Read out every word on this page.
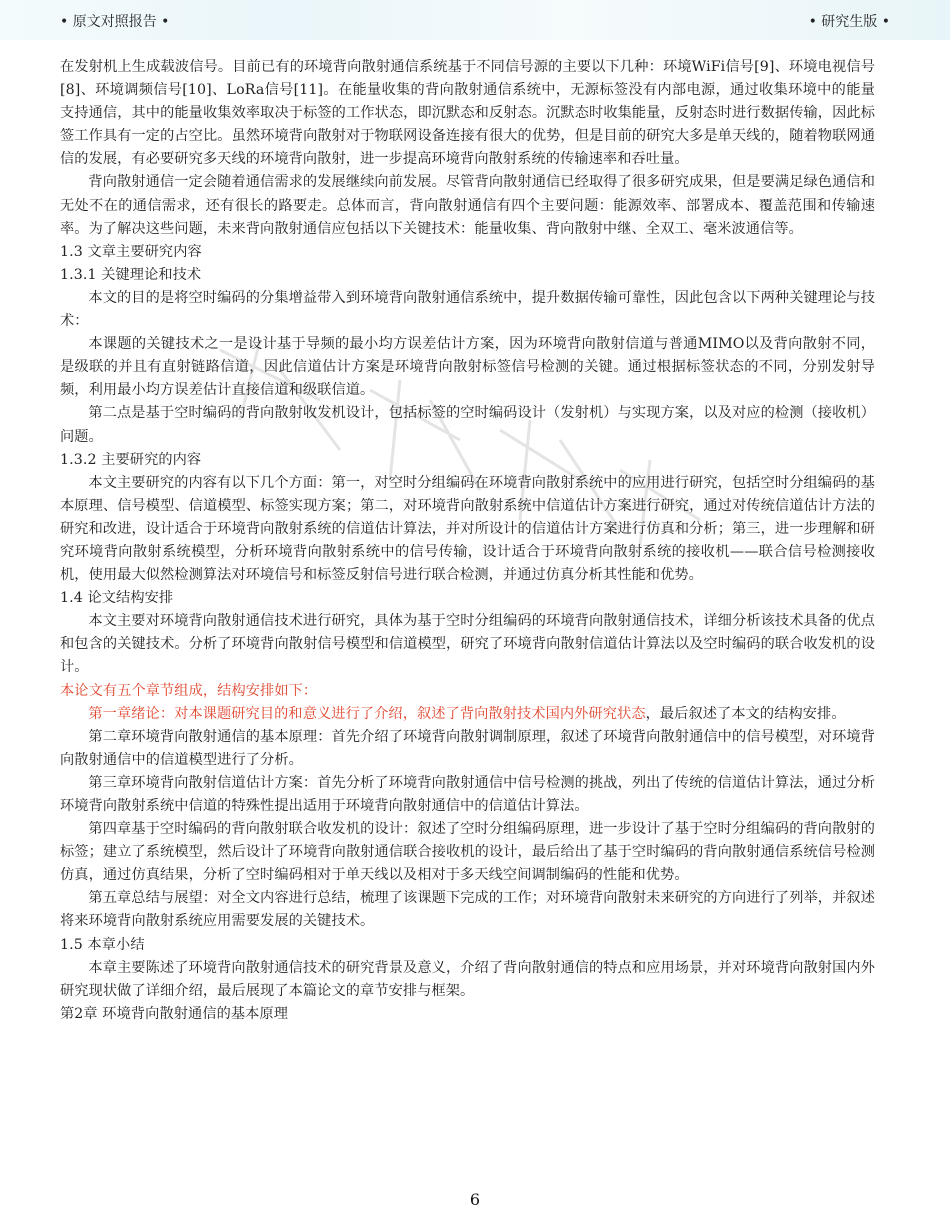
• 原文对照报告 •	• 研究生版 •

在发射机上生成载波信号。目前已有的环境背向散射通信系统基于不同信号源的主要以下几种：环境WiFi信号[9]、环境电视信号[8]、环境调频信号[10]、LoRa信号[11]。在能量收集的背向散射通信系统中，无源标签没有内部电源，通过收集环境中的能量支持通信，其中的能量收集效率取决于标签的工作状态，即沉默态和反射态。沉默态时收集能量，反射态时进行数据传输，因此标签工作具有一定的占空比。虽然环境背向散射对于物联网设备连接有很大的优势，但是目前的研究大多是单天线的，随着物联网通信的发展，有必要研究多天线的环境背向散射，进一步提高环境背向散射系统的传输速率和吞吐量。

背向散射通信一定会随着通信需求的发展继续向前发展。尽管背向散射通信已经取得了很多研究成果，但是要满足绿色通信和无处不在的通信需求，还有很长的路要走。总体而言，背向散射通信有四个主要问题：能源效率、部署成本、覆盖范围和传输速率。为了解决这些问题，未来背向散射通信应包括以下关键技术：能量收集、背向散射中继、全双工、毫米波通信等。

1.3 文章主要研究内容

1.3.1 关键理论和技术

本文的目的是将空时编码的分集增益带入到环境背向散射通信系统中，提升数据传输可靠性，因此包含以下两种关键理论与技术：

本课题的关键技术之一是设计基于导频的最小均方误差估计方案，因为环境背向散射信道与普通MIMO以及背向散射不同，是级联的并且有直射链路信道，因此信道估计方案是环境背向散射标签信号检测的关键。通过根据标签状态的不同，分别发射导频，利用最小均方误差估计直接信道和级联信道。

第二点是基于空时编码的背向散射收发机设计，包括标签的空时编码设计（发射机）与实现方案，以及对应的检测（接收机）问题。

1.3.2 主要研究的内容

本文主要研究的内容有以下几个方面：第一，对空时分组编码在环境背向散射系统中的应用进行研究，包括空时分组编码的基本原理、信号模型、信道模型、标签实现方案；第二，对环境背向散射系统中信道估计方案进行研究，通过对传统信道估计方法的研究和改进，设计适合于环境背向散射系统的信道估计算法，并对所设计的信道估计方案进行仿真和分析；第三，进一步理解和研究环境背向散射系统模型，分析环境背向散射系统中的信号传输，设计适合于环境背向散射系统的接收机——联合信号检测接收机，使用最大似然检测算法对环境信号和标签反射信号进行联合检测，并通过仿真分析其性能和优势。

1.4 论文结构安排

本文主要对环境背向散射通信技术进行研究，具体为基于空时分组编码的环境背向散射通信技术，详细分析该技术具备的优点和包含的关键技术。分析了环境背向散射信号模型和信道模型，研究了环境背向散射信道估计算法以及空时编码的联合收发机的设计。

本论文有五个章节组成，结构安排如下：

第一章绪论：对本课题研究目的和意义进行了介绍，叙述了背向散射技术国内外研究状态，最后叙述了本文的结构安排。

第二章环境背向散射通信的基本原理：首先介绍了环境背向散射调制原理，叙述了环境背向散射通信中的信号模型，对环境背向散射通信中的信道模型进行了分析。

第三章环境背向散射信道估计方案：首先分析了环境背向散射通信中信号检测的挑战，列出了传统的信道估计算法，通过分析环境背向散射系统中信道的特殊性提出适用于环境背向散射通信中的信道估计算法。

第四章基于空时编码的背向散射联合收发机的设计：叙述了空时分组编码原理，进一步设计了基于空时分组编码的背向散射的标签；建立了系统模型，然后设计了环境背向散射通信联合接收机的设计，最后给出了基于空时编码的背向散射通信系统信号检测仿真，通过仿真结果，分析了空时编码相对于单天线以及相对于多天线空间调制编码的性能和优势。

第五章总结与展望：对全文内容进行总结，梳理了该课题下完成的工作；对环境背向散射未来研究的方向进行了列举，并叙述将来环境背向散射系统应用需要发展的关键技术。

1.5 本章小结

本章主要陈述了环境背向散射通信技术的研究背景及意义，介绍了背向散射通信的特点和应用场景，并对环境背向散射国内外研究现状做了详细介绍，最后展现了本篇论文的章节安排与框架。

第2章 环境背向散射通信的基本原理

6
